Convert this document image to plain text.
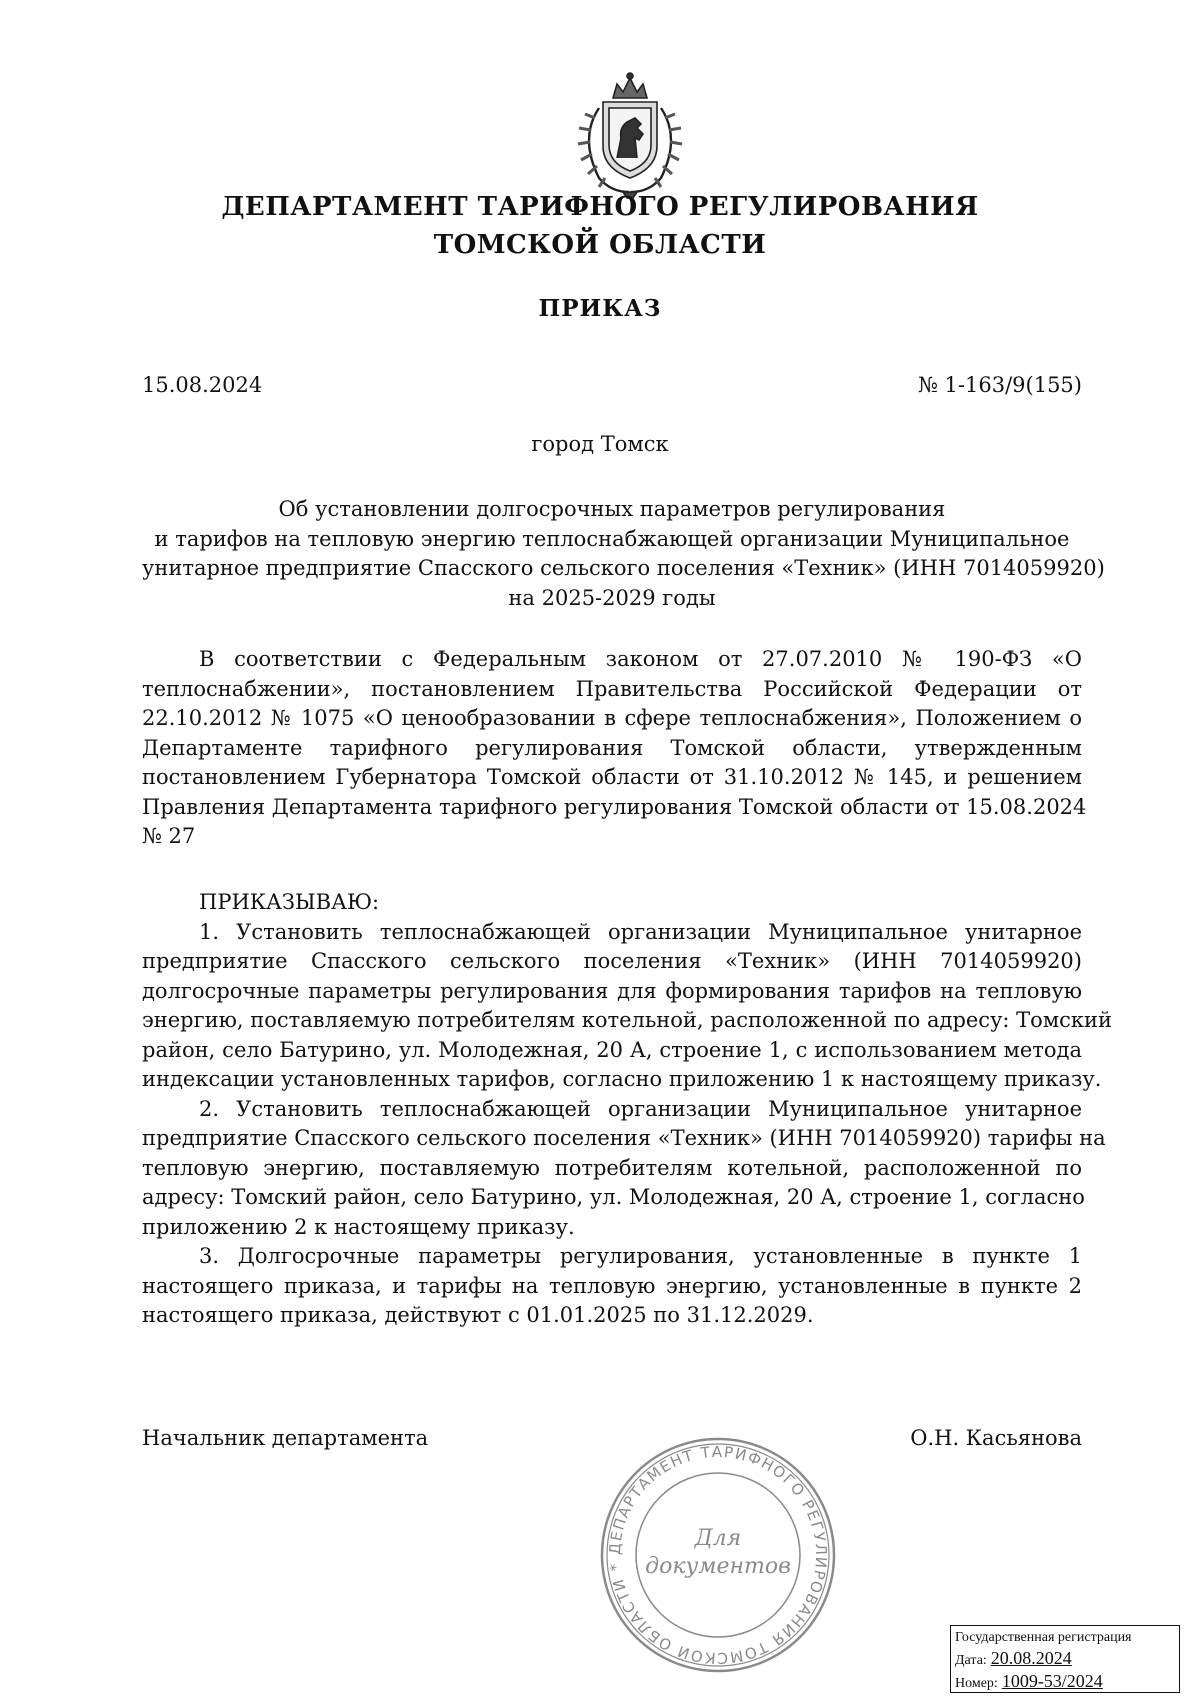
ДЕПАРТАМЕНТ ТАРИФНОГО РЕГУЛИРОВАНИЯ
ТОМСКОЙ ОБЛАСТИ
ПРИКАЗ
15.08.2024	№ 1-163/9(155)
город Томск
Об установлении долгосрочных параметров регулирования
и тарифов на тепловую энергию теплоснабжающей организации Муниципальное
унитарное предприятие Спасского сельского поселения «Техник» (ИНН 7014059920)
на 2025-2029 годы
В соответствии с Федеральным законом от 27.07.2010 № 190-ФЗ «О
теплоснабжении», постановлением Правительства Российской Федерации от
22.10.2012 № 1075 «О ценообразовании в сфере теплоснабжения», Положением о
Департаменте тарифного регулирования Томской области, утвержденным
постановлением Губернатора Томской области от 31.10.2012 № 145, и решением
Правления Департамента тарифного регулирования Томской области от 15.08.2024
№ 27
ПРИКАЗЫВАЮ:
1. Установить теплоснабжающей организации Муниципальное унитарное
предприятие Спасского сельского поселения «Техник» (ИНН 7014059920)
долгосрочные параметры регулирования для формирования тарифов на тепловую
энергию, поставляемую потребителям котельной, расположенной по адресу: Томский
район, село Батурино, ул. Молодежная, 20 А, строение 1, с использованием метода
индексации установленных тарифов, согласно приложению 1 к настоящему приказу.
2. Установить теплоснабжающей организации Муниципальное унитарное
предприятие Спасского сельского поселения «Техник» (ИНН 7014059920) тарифы на
тепловую энергию, поставляемую потребителям котельной, расположенной по
адресу: Томский район, село Батурино, ул. Молодежная, 20 А, строение 1, согласно
приложению 2 к настоящему приказу.
3. Долгосрочные параметры регулирования, установленные в пункте 1
настоящего приказа, и тарифы на тепловую энергию, установленные в пункте 2
настоящего приказа, действуют с 01.01.2025 по 31.12.2029.
Начальник департамента	О.Н. Касьянова
ДЕПАРТАМЕНТ ТАРИФНОГО РЕГУЛИРОВАНИЯ ТОМСКОЙ ОБЛАСТИ *
Для
документов
Государственная регистрация
Дата: 20.08.2024
Номер: 1009-53/2024
